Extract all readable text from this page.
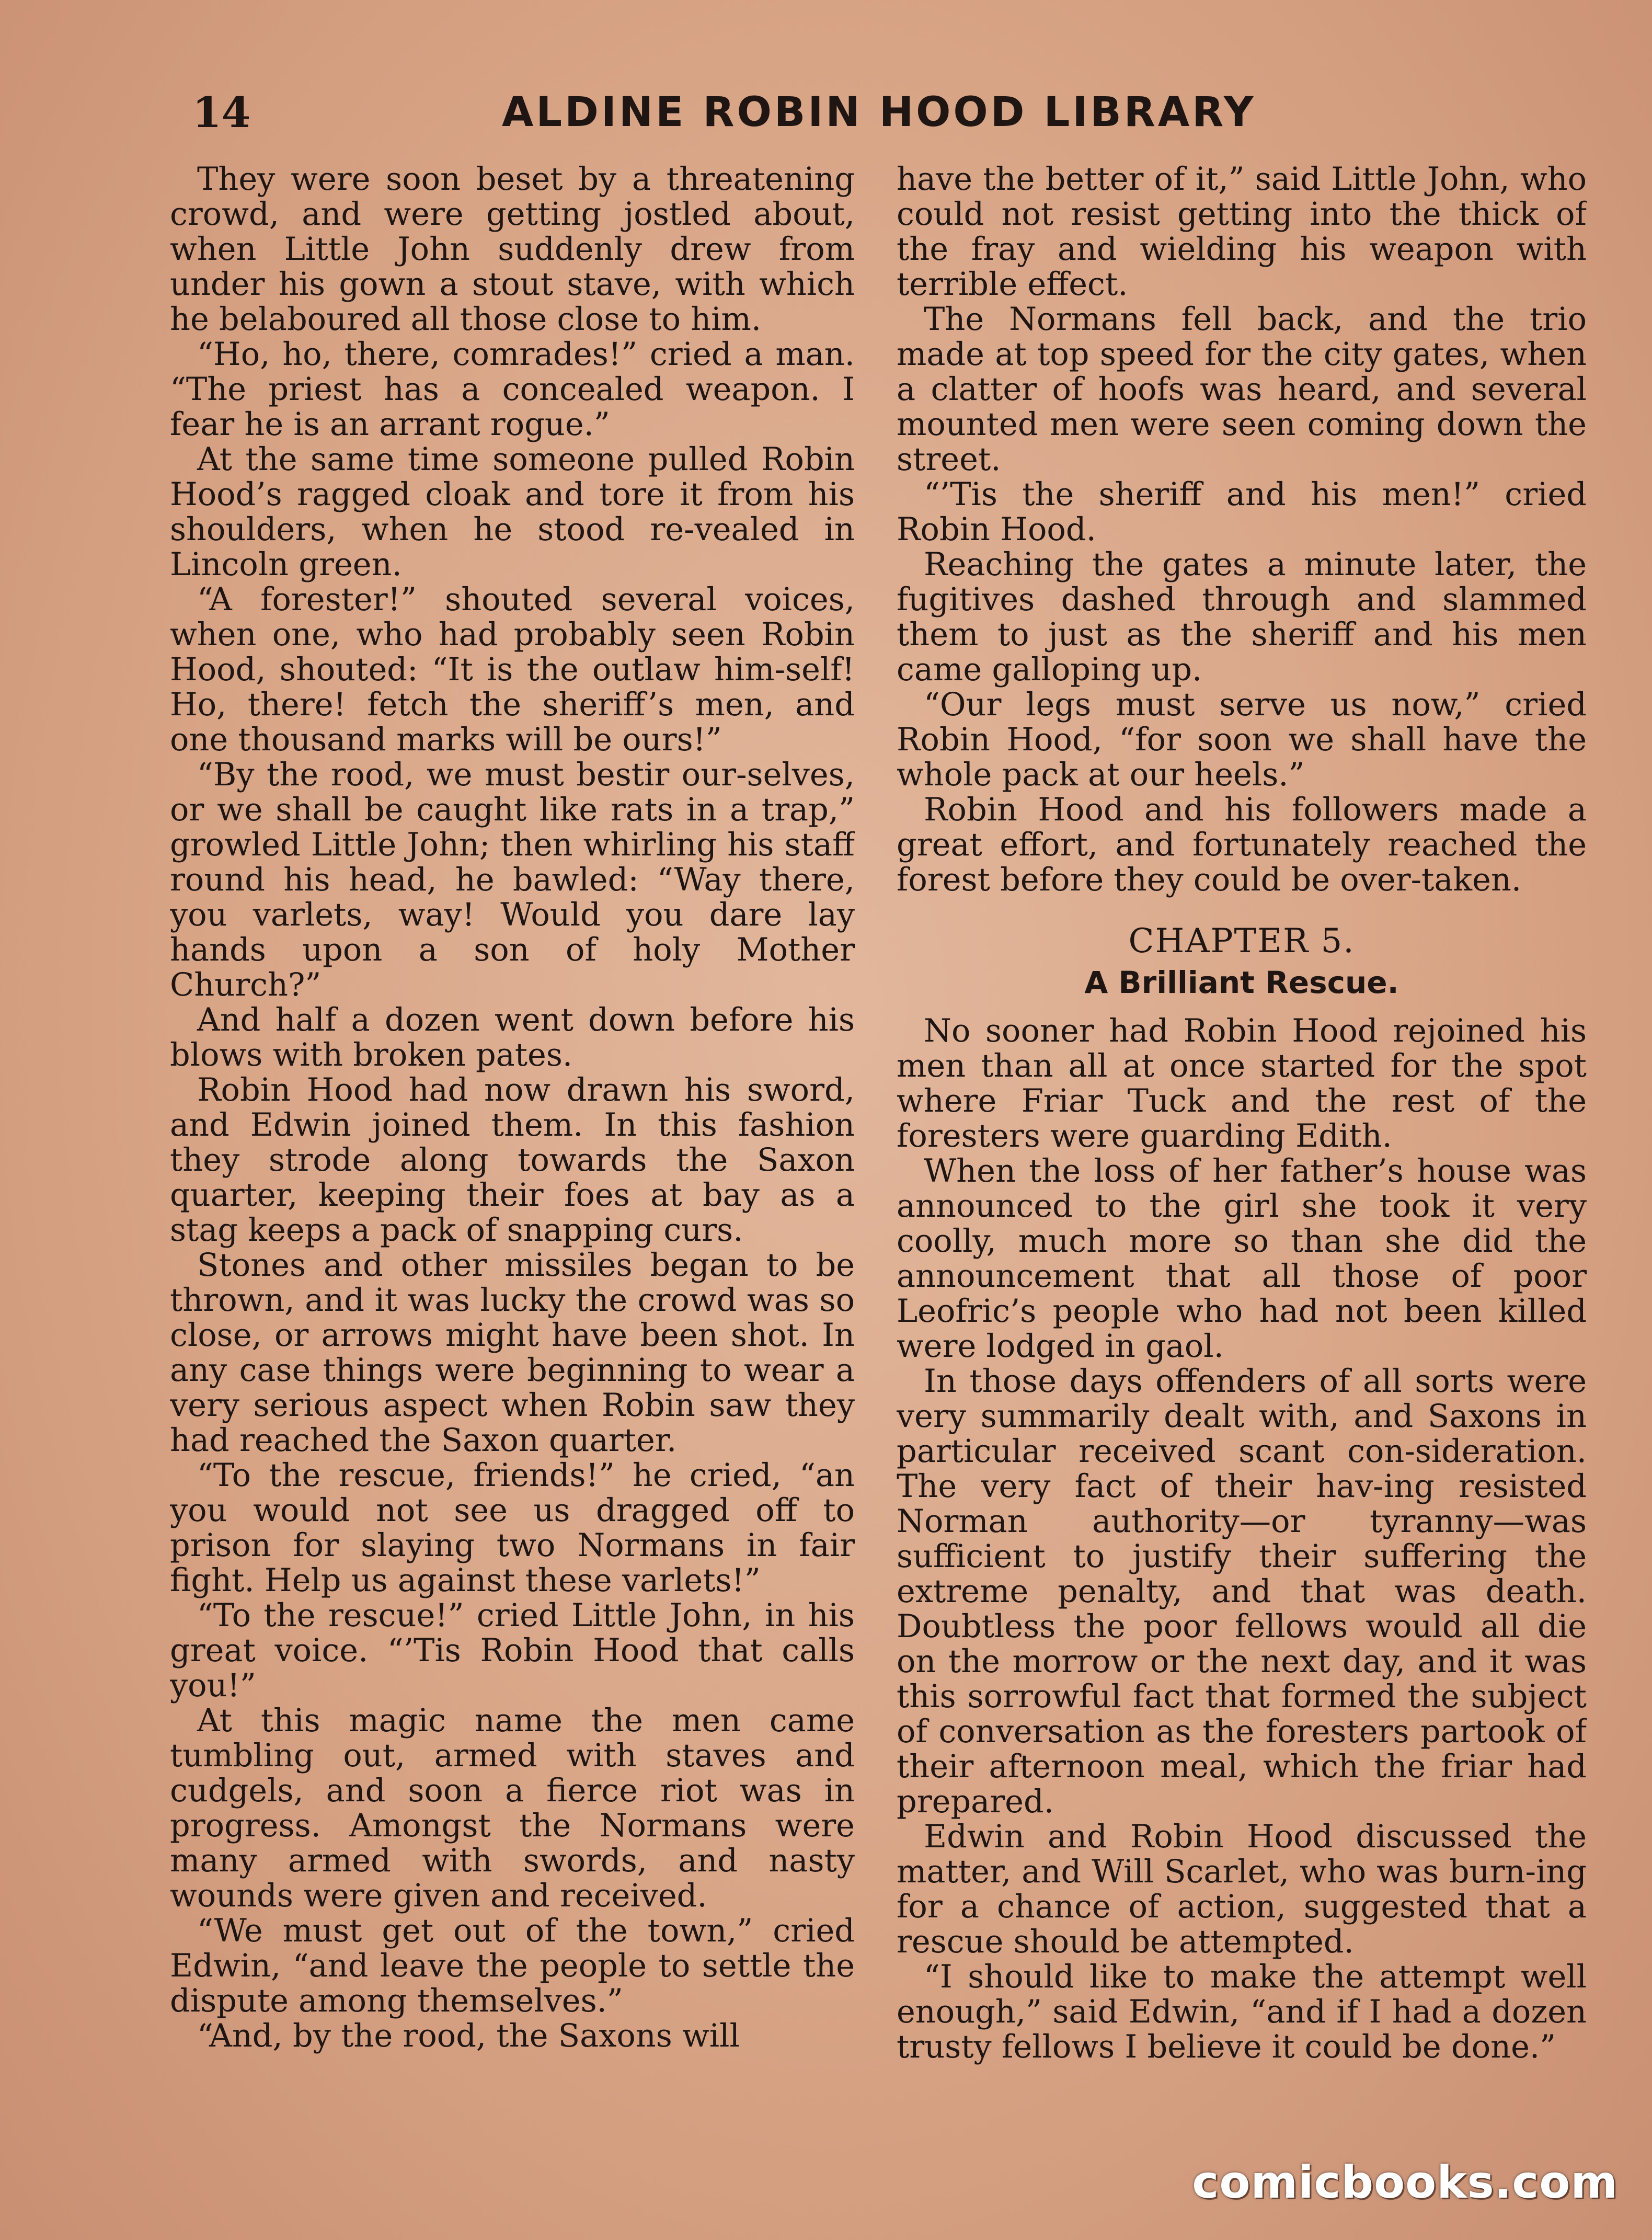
14	ALDINE ROBIN HOOD LIBRARY

They were soon beset by a threatening crowd, and were getting jostled about, when Little John suddenly drew from under his gown a stout stave, with which he belaboured all those close to him.

“Ho, ho, there, comrades!” cried a man. “The priest has a concealed weapon. I fear he is an arrant rogue.”

At the same time someone pulled Robin Hood’s ragged cloak and tore it from his shoulders, when he stood re-vealed in Lincoln green.

“A forester!” shouted several voices, when one, who had probably seen Robin Hood, shouted: “It is the outlaw him-self! Ho, there! fetch the sheriff’s men, and one thousand marks will be ours!”

“By the rood, we must bestir our-selves, or we shall be caught like rats in a trap,” growled Little John; then whirling his staff round his head, he bawled: “Way there, you varlets, way! Would you dare lay hands upon a son of holy Mother Church?”

And half a dozen went down before his blows with broken pates.

Robin Hood had now drawn his sword, and Edwin joined them. In this fashion they strode along towards the Saxon quarter, keeping their foes at bay as a stag keeps a pack of snapping curs.

Stones and other missiles began to be thrown, and it was lucky the crowd was so close, or arrows might have been shot. In any case things were beginning to wear a very serious aspect when Robin saw they had reached the Saxon quarter.

“To the rescue, friends!” he cried, “an you would not see us dragged off to prison for slaying two Normans in fair fight. Help us against these varlets!”

“To the rescue!” cried Little John, in his great voice. “’Tis Robin Hood that calls you!”

At this magic name the men came tumbling out, armed with staves and cudgels, and soon a fierce riot was in progress. Amongst the Normans were many armed with swords, and nasty wounds were given and received.

“We must get out of the town,” cried Edwin, “and leave the people to settle the dispute among themselves.”

“And, by the rood, the Saxons will

have the better of it,” said Little John, who could not resist getting into the thick of the fray and wielding his weapon with terrible effect.

The Normans fell back, and the trio made at top speed for the city gates, when a clatter of hoofs was heard, and several mounted men were seen coming down the street.

“’Tis the sheriff and his men!” cried Robin Hood.

Reaching the gates a minute later, the fugitives dashed through and slammed them to just as the sheriff and his men came galloping up.

“Our legs must serve us now,” cried Robin Hood, “for soon we shall have the whole pack at our heels.”

Robin Hood and his followers made a great effort, and fortunately reached the forest before they could be over-taken.

CHAPTER 5.
A Brilliant Rescue.

No sooner had Robin Hood rejoined his men than all at once started for the spot where Friar Tuck and the rest of the foresters were guarding Edith.

When the loss of her father’s house was announced to the girl she took it very coolly, much more so than she did the announcement that all those of poor Leofric’s people who had not been killed were lodged in gaol.

In those days offenders of all sorts were very summarily dealt with, and Saxons in particular received scant con-sideration. The very fact of their hav-ing resisted Norman authority—or tyranny—was sufficient to justify their suffering the extreme penalty, and that was death. Doubtless the poor fellows would all die on the morrow or the next day, and it was this sorrowful fact that formed the subject of conversation as the foresters partook of their afternoon meal, which the friar had prepared.

Edwin and Robin Hood discussed the matter, and Will Scarlet, who was burn-ing for a chance of action, suggested that a rescue should be attempted.

“I should like to make the attempt well enough,” said Edwin, “and if I had a dozen trusty fellows I believe it could be done.”

comicbooks.com
